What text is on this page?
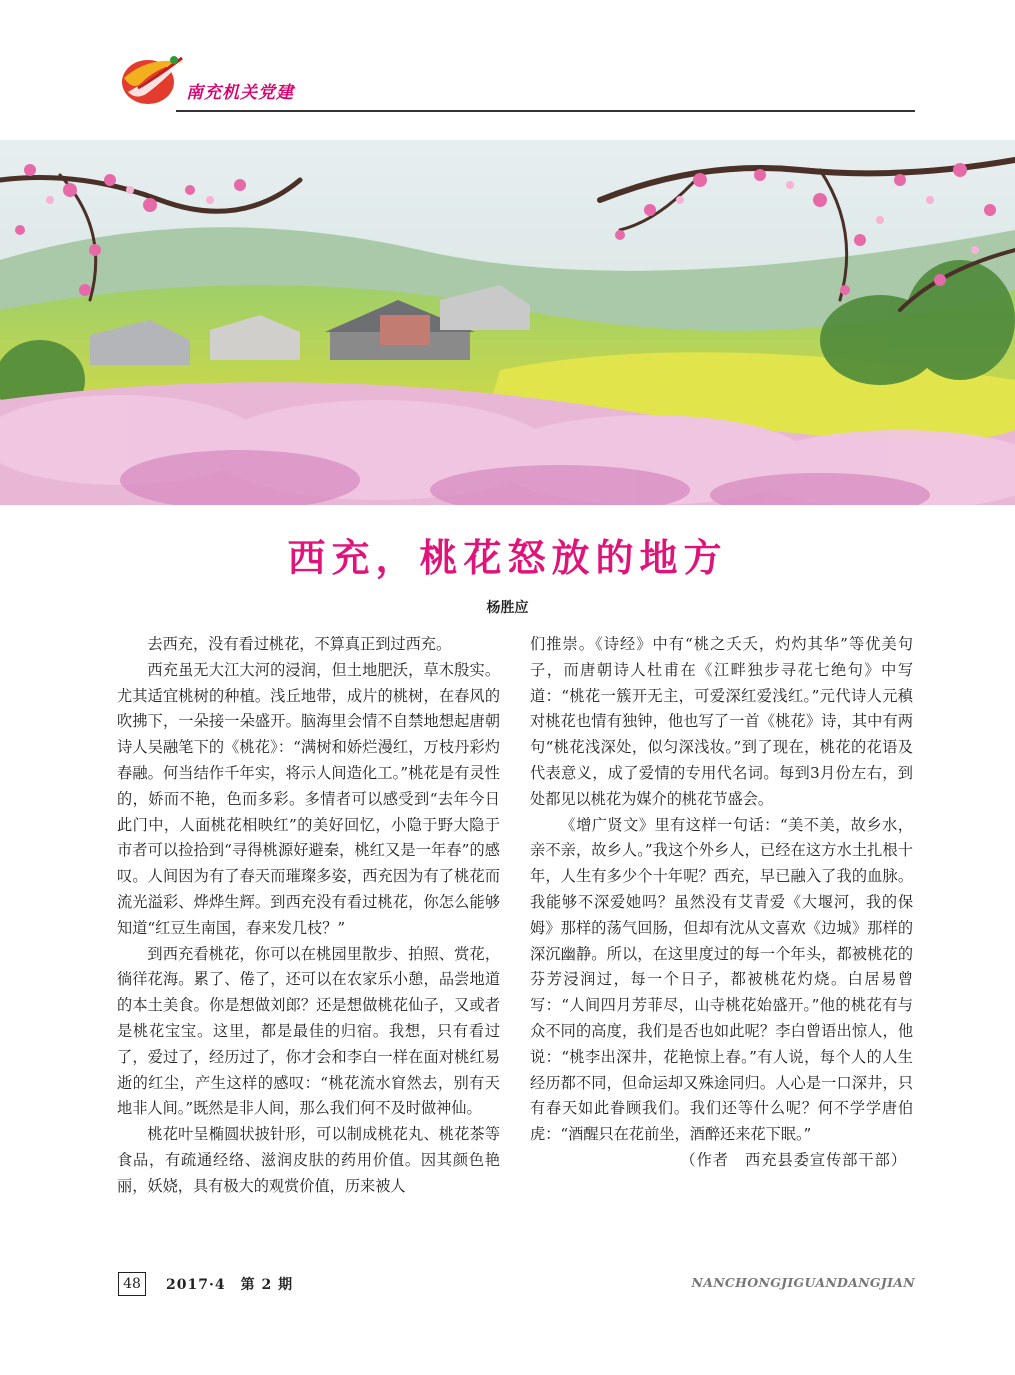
南充机关党建
西充，桃花怒放的地方
杨胜应

去西充，没有看过桃花，不算真正到过西充。

西充虽无大江大河的浸润，但土地肥沃，草木殷实。尤其适宜桃树的种植。浅丘地带，成片的桃树，在春风的吹拂下，一朵接一朵盛开。脑海里会情不自禁地想起唐朝诗人吴融笔下的《桃花》：“满树和娇烂漫红，万枝丹彩灼春融。何当结作千年实，将示人间造化工。”桃花是有灵性的，娇而不艳，色而多彩。多情者可以感受到“去年今日此门中，人面桃花相映红”的美好回忆，小隐于野大隐于市者可以捡拾到“寻得桃源好避秦，桃红又是一年春”的感叹。人间因为有了春天而璀璨多姿，西充因为有了桃花而流光溢彩、烨烨生辉。到西充没有看过桃花，你怎么能够知道“红豆生南国，春来发几枝？”

到西充看桃花，你可以在桃园里散步、拍照、赏花，徜徉花海。累了、倦了，还可以在农家乐小憩，品尝地道的本土美食。你是想做刘郎？还是想做桃花仙子，又或者是桃花宝宝。这里，都是最佳的归宿。我想，只有看过了，爱过了，经历过了，你才会和李白一样在面对桃红易逝的红尘，产生这样的感叹：“桃花流水窅然去，别有天地非人间。”既然是非人间，那么我们何不及时做神仙。

桃花叶呈椭圆状披针形，可以制成桃花丸、桃花茶等食品，有疏通经络、滋润皮肤的药用价值。因其颜色艳丽，妖娆，具有极大的观赏价值，历来被人

们推崇。《诗经》中有“桃之夭夭，灼灼其华”等优美句子，而唐朝诗人杜甫在《江畔独步寻花七绝句》中写道：“桃花一簇开无主，可爱深红爱浅红。”元代诗人元稹对桃花也情有独钟，他也写了一首《桃花》诗，其中有两句“桃花浅深处，似匀深浅妆。”到了现在，桃花的花语及代表意义，成了爱情的专用代名词。每到3月份左右，到处都见以桃花为媒介的桃花节盛会。

《增广贤文》里有这样一句话：“美不美，故乡水，亲不亲，故乡人。”我这个外乡人，已经在这方水土扎根十年，人生有多少个十年呢？西充，早已融入了我的血脉。我能够不深爱她吗？虽然没有艾青爱《大堰河，我的保姆》那样的荡气回肠，但却有沈从文喜欢《边城》那样的深沉幽静。所以，在这里度过的每一个年头，都被桃花的芬芳浸润过，每一个日子，都被桃花灼烧。白居易曾写：“人间四月芳菲尽，山寺桃花始盛开。”他的桃花有与众不同的高度，我们是否也如此呢？李白曾语出惊人，他说：“桃李出深井，花艳惊上春。”有人说，每个人的人生经历都不同，但命运却又殊途同归。人心是一口深井，只有春天如此眷顾我们。我们还等什么呢？何不学学唐伯虎：“酒醒只在花前坐，酒醉还来花下眠。”

（作者　西充县委宣传部干部）

48	2017·4　第 2 期	NANCHONGJIGUANDANGJIAN
